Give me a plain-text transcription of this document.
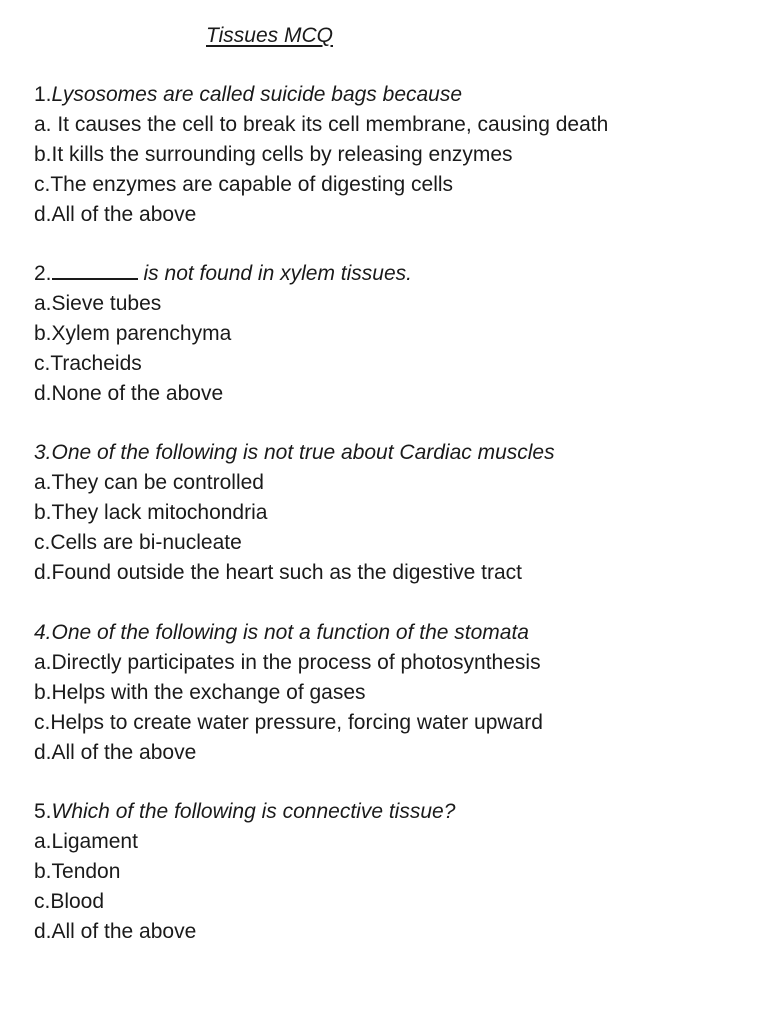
Tissues MCQ
1.Lysosomes are called suicide bags because
a. It causes the cell to break its cell membrane, causing death
b.It kills the surrounding cells by releasing enzymes
c.The enzymes are capable of digesting cells
d.All of the above
2.	is not found in xylem tissues.
a.Sieve tubes
b.Xylem parenchyma
c.Tracheids
d.None of the above
3.One of the following is not true about Cardiac muscles
a.They can be controlled
b.They lack mitochondria
c.Cells are bi-nucleate
d.Found outside the heart such as the digestive tract
4.One of the following is not a function of the stomata
a.Directly participates in the process of photosynthesis
b.Helps with the exchange of gases
c.Helps to create water pressure, forcing water upward
d.All of the above
5.Which of the following is connective tissue?
a.Ligament
b.Tendon
c.Blood
d.All of the above
